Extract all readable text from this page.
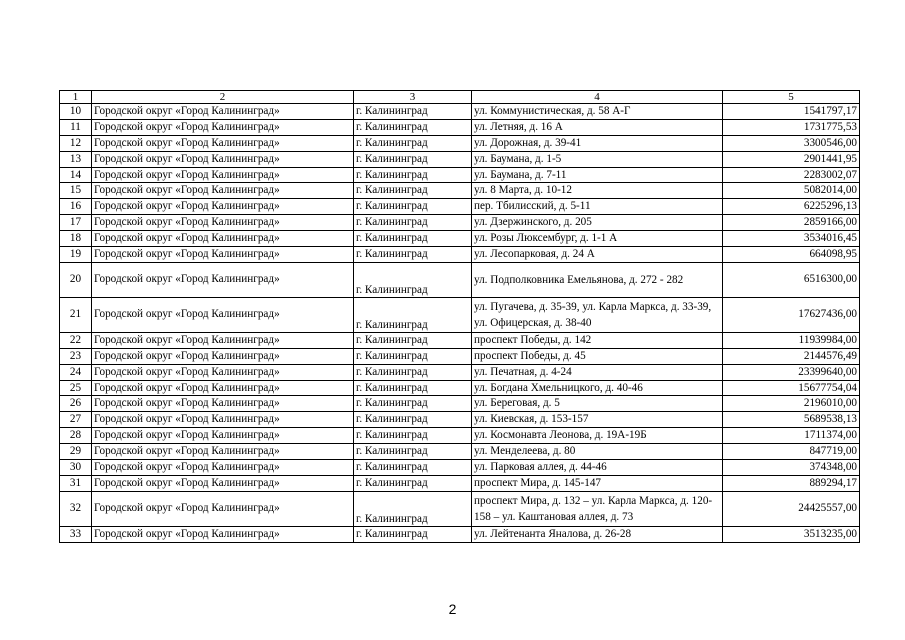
1	2	3	4	5
10	Городской округ «Город Калининград»	г. Калининград	ул. Коммунистическая, д. 58 А-Г	1541797,17
11	Городской округ «Город Калининград»	г. Калининград	ул. Летняя, д. 16 А	1731775,53
12	Городской округ «Город Калининград»	г. Калининград	ул. Дорожная, д. 39-41	3300546,00
13	Городской округ «Город Калининград»	г. Калининград	ул. Баумана, д. 1-5	2901441,95
14	Городской округ «Город Калининград»	г. Калининград	ул. Баумана, д. 7-11	2283002,07
15	Городской округ «Город Калининград»	г. Калининград	ул. 8 Марта, д. 10-12	5082014,00
16	Городской округ «Город Калининград»	г. Калининград	пер. Тбилисский, д. 5-11	6225296,13
17	Городской округ «Город Калининград»	г. Калининград	ул. Дзержинского, д. 205	2859166,00
18	Городской округ «Город Калининград»	г. Калининград	ул. Розы Люксембург, д. 1-1 А	3534016,45
19	Городской округ «Город Калининград»	г. Калининград	ул. Лесопарковая, д. 24 А	664098,95
20	Городской округ «Город Калининград»	г. Калининград	ул. Подполковника Емельянова, д. 272 - 282	6516300,00
21	Городской округ «Город Калининград»	г. Калининград	ул. Пугачева, д. 35-39, ул. Карла Маркса, д. 33-39, ул. Офицерская, д. 38-40	17627436,00
22	Городской округ «Город Калининград»	г. Калининград	проспект Победы, д. 142	11939984,00
23	Городской округ «Город Калининград»	г. Калининград	проспект Победы, д. 45	2144576,49
24	Городской округ «Город Калининград»	г. Калининград	ул. Печатная, д. 4-24	23399640,00
25	Городской округ «Город Калининград»	г. Калининград	ул. Богдана Хмельницкого, д. 40-46	15677754,04
26	Городской округ «Город Калининград»	г. Калининград	ул. Береговая, д. 5	2196010,00
27	Городской округ «Город Калининград»	г. Калининград	ул. Киевская, д. 153-157	5689538,13
28	Городской округ «Город Калининград»	г. Калининград	ул. Космонавта Леонова, д. 19А-19Б	1711374,00
29	Городской округ «Город Калининград»	г. Калининград	ул. Менделеева, д. 80	847719,00
30	Городской округ «Город Калининград»	г. Калининград	ул. Парковая аллея, д. 44-46	374348,00
31	Городской округ «Город Калининград»	г. Калининград	проспект Мира, д. 145-147	889294,17
32	Городской округ «Город Калининград»	г. Калининград	проспект Мира, д. 132 – ул. Карла Маркса, д. 120-158 – ул. Каштановая аллея, д. 73	24425557,00
33	Городской округ «Город Калининград»	г. Калининград	ул. Лейтенанта Яналова, д. 26-28	3513235,00
2
